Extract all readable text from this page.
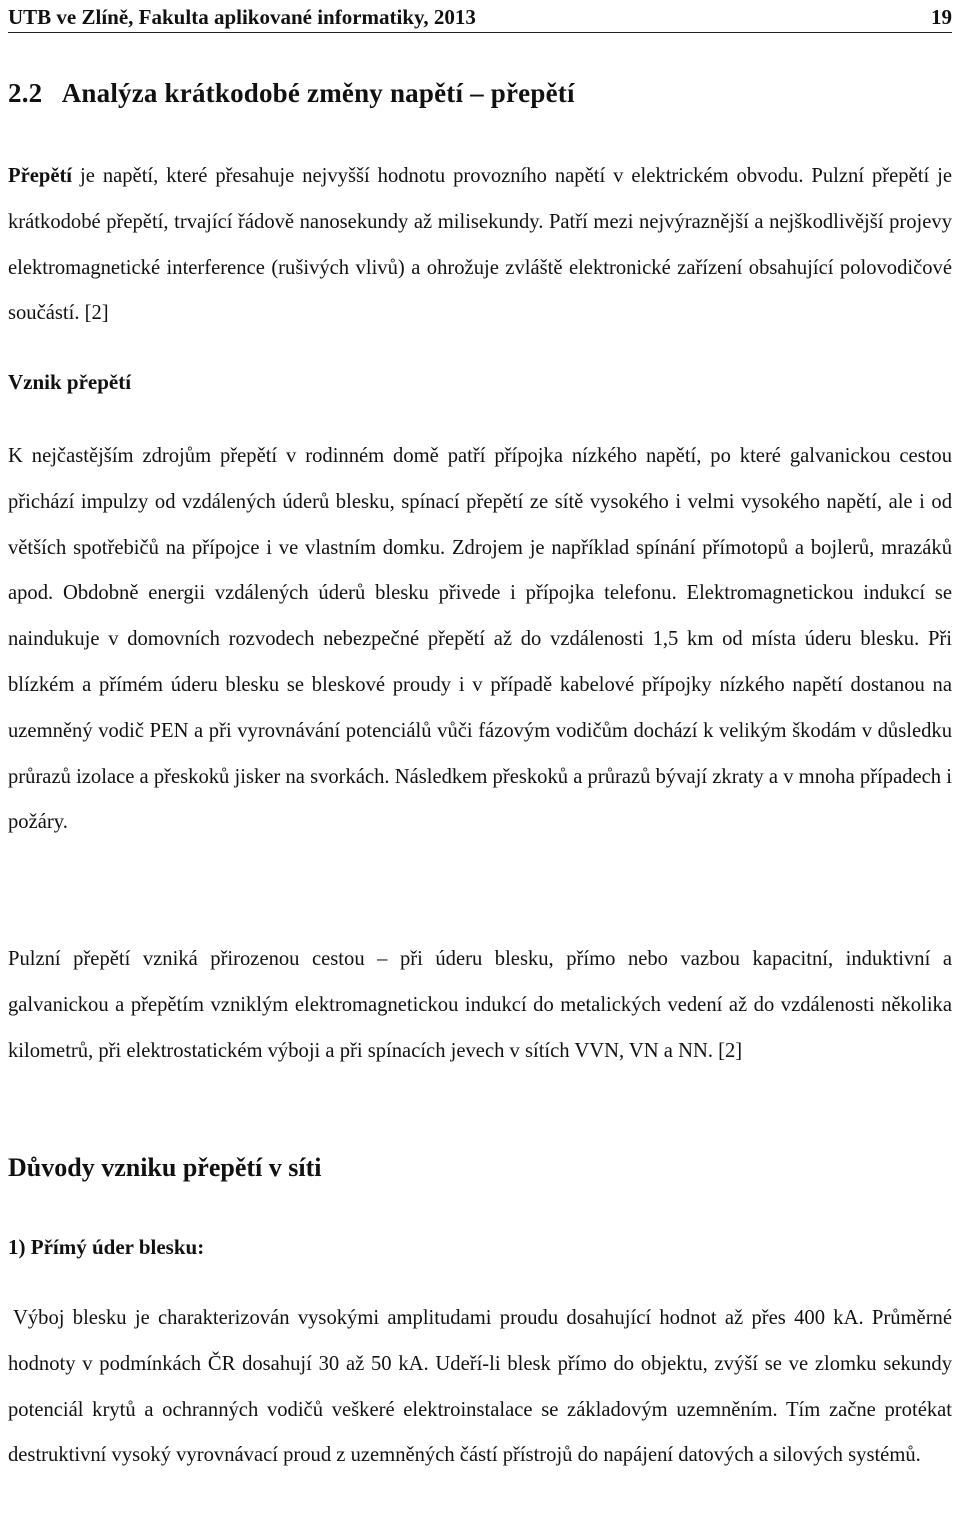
UTB ve Zlíně, Fakulta aplikované informatiky, 2013	19
2.2   Analýza krátkodobé změny napětí – přepětí

Přepětí je napětí, které přesahuje nejvyšší hodnotu provozního napětí v elektrickém obvodu. Pulzní přepětí je krátkodobé přepětí, trvající řádově nanosekundy až milisekundy. Patří mezi nejvýraznější a nejškodlivější projevy elektromagnetické interference (rušivých vlivů) a ohrožuje zvláště elektronické zařízení obsahující polovodičové součástí. [2]

Vznik přepětí

K nejčastějším zdrojům přepětí v rodinném domě patří přípojka nízkého napětí, po které galvanickou cestou přichází impulzy od vzdálených úderů blesku, spínací přepětí ze sítě vysokého i velmi vysokého napětí, ale i od větších spotřebičů na přípojce i ve vlastním domku. Zdrojem je například spínání přímotopů a bojlerů, mrazáků apod. Obdobně energii vzdálených úderů blesku přivede i přípojka telefonu. Elektromagnetickou indukcí se naindukuje v domovních rozvodech nebezpečné přepětí až do vzdálenosti 1,5 km od místa úderu blesku. Při blízkém a přímém úderu blesku se bleskové proudy i v případě kabelové přípojky nízkého napětí dostanou na uzemněný vodič PEN a při vyrovnávání potenciálů vůči fázovým vodičům dochází k velikým škodám v důsledku průrazů izolace a přeskoků jisker na svorkách. Následkem přeskoků a průrazů bývají zkraty a v mnoha případech i požáry.

Pulzní přepětí vzniká přirozenou cestou – při úderu blesku, přímo nebo vazbou kapacitní, induktivní a galvanickou a přepětím vzniklým elektromagnetickou indukcí do metalických vedení až do vzdálenosti několika kilometrů, při elektrostatickém výboji a při spínacích jevech v sítích VVN, VN a NN. [2]

Důvody vzniku přepětí v síti
1) Přímý úder blesku:

Výboj blesku je charakterizován vysokými amplitudami proudu dosahující hodnot až přes 400 kA. Průměrné hodnoty v podmínkách ČR dosahují 30 až 50 kA. Udeří-li blesk přímo do objektu, zvýší se ve zlomku sekundy potenciál krytů a ochranných vodičů veškeré elektroinstalace se základovým uzemněním. Tím začne protékat destruktivní vysoký vyrovnávací proud z uzemněných částí přístrojů do napájení datových a silových systémů.
